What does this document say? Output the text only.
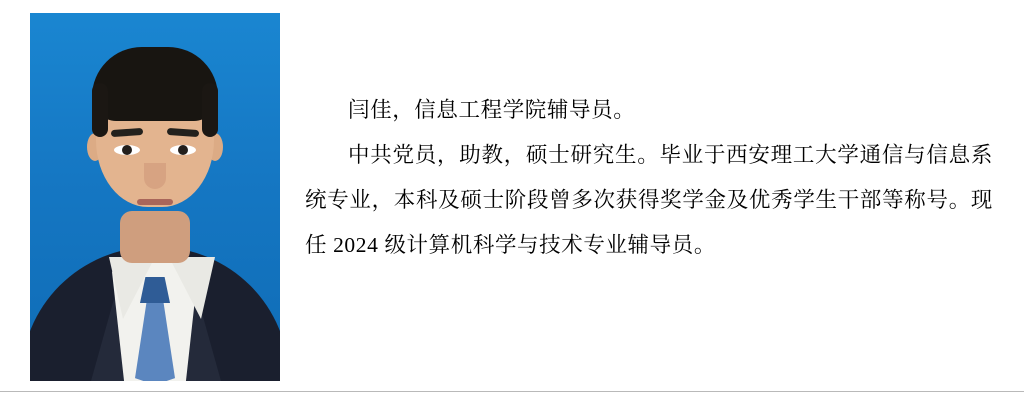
闫佳，信息工程学院辅导员。

中共党员，助教，硕士研究生。毕业于西安理工大学通信与信息系统专业，本科及硕士阶段曾多次获得奖学金及优秀学生干部等称号。现任 2024 级计算机科学与技术专业辅导员。
